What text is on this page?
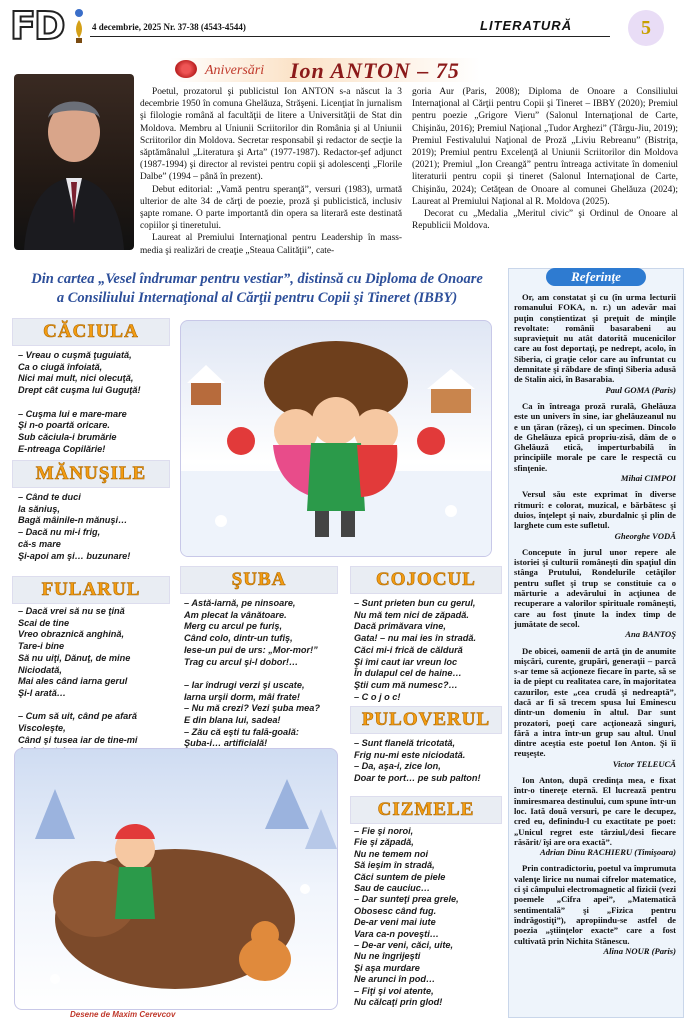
FD	4 decembrie, 2025 Nr. 37-38 (4543-4544)	LITERATURĂ	5
Aniversări Ion ANTON – 75

Poetul, prozatorul şi publicistul Ion ANTON s-a născut la 3 decembrie 1950 în comuna Ghelăuza, Străşeni. Licenţiat în jurnalism şi filologie română al facultăţii de litere a Universităţii de Stat din Moldova. Membru al Uniunii Scriitorilor din România şi al Uniunii Scriitorilor din Moldova. Secretar responsabil şi redactor de secţie la săptămânalul „Literatura şi Arta” (1977-1987). Redactor-şef adjunct (1987-1994) şi director al revistei pentru copii şi adolescenţi „Florile Dalbe” (1994 – până în prezent).

Debut editorial: „Vamă pentru speranţă”, versuri (1983), urmată ulterior de alte 34 de cărţi de poezie, proză şi publicistică, inclusiv şapte romane. O parte importantă din opera sa literară este destinată copiilor şi tineretului.

Laureat al Premiului Internaţional pentru Leadership în mass-media şi realizări de creaţie „Steaua Calităţii”, cate-

goria Aur (Paris, 2008); Diploma de Onoare a Consiliului Internaţional al Cărţii pentru Copii şi Tineret – IBBY (2020); Premiul pentru poezie „Grigore Vieru” (Salonul Internaţional de Carte, Chişinău, 2016); Premiul Naţional „Tudor Arghezi” (Târgu-Jiu, 2019); Premiul Festivalului Naţional de Proză „Liviu Rebreanu” (Bistriţa, 2019); Premiul pentru Excelenţă al Uniunii Scriitorilor din Moldova (2021); Premiul „Ion Creangă” pentru întreaga activitate în domeniul literaturii pentru copii şi tineret (Salonul Internaţional de Carte, Chişinău, 2024); Cetăţean de Onoare al comunei Ghelăuza (2024); Laureat al Premiului Naţional al R. Moldova (2025).

Decorat cu „Medalia „Meritul civic” şi Ordinul de Onoare al Republicii Moldova.

Din cartea „Vesel îndrumar pentru vestiar”, distinsă cu Diploma de Onoare
a Consiliului Internaţional al Cărţii pentru Copii şi Tineret (IBBY)
CĂCIULA
– Vreau o cuşmă ţuguiată,
Ca o ciugă înfoiată,
Nici mai mult, nici olecuţă,
Drept cât cuşma lui Guguţă!

– Cuşma lui e mare-mare
Şi n-o poartă oricare.
Sub căciula-i brumărie
E-ntreaga Copilărie!
MĂNUŞILE
– Când te duci
la săniuş,
Bagă mâinile-n mănuşi…
– Dacă nu mi-i frig,
că-s mare
Şi-apoi am şi… buzunare!
FULARUL
– Dacă vrei să nu se ţină
Scai de tine
Vreo obraznică anghină,
Tare-i bine
Să nu uiţi, Dănuţ, de mine
Niciodată,
Mai ales când iarna gerul
Şi-l arată…

– Cum să uit, când pe afară
Viscoleşte,
Când şi tusea iar de tine-mi

ŞUBA
– Astă-iarnă, pe ninsoare,
Am plecat la vânătoare.
Merg cu arcul pe furiş,
Când colo, dintr-un tufiş,
Iese-un pui de urs: „Mor-mor!”
Trag cu arcul şi-l dobor!…

– Iar îndrugi verzi şi uscate,
Iarna urşii dorm, mâi frate!
– Nu mă crezi? Vezi şuba mea?
E din blana lui, sadea!
– Zău că eşti tu falā-goală:
Şuba-i… artificială!
COJOCUL
– Sunt prieten bun cu gerul,
Nu mă tem nici de zăpadă.
Dacă primăvara vine,
Gata! – nu mai ies în stradă.
Căci mi-i frică de căldură
Şi îmi caut iar vreun loc
În dulapul cel de haine…
Ştii cum mă numesc?…
– C o j o c!
PULOVERUL
– Sunt flanelă tricotată,
Frig nu-mi este niciodată.
– Da, aşa-i, zice lon,
Doar te port… pe sub palton!
CIZMELE
– Fie şi noroi,
Fie şi zăpadă,
Nu ne temem noi
Să ieşim în stradă,
Căci suntem de piele
Sau de cauciuc…
– Dar sunteţi prea grele,
Obosesc când fug.
De-ar veni mai iute
Vara ca-n poveşti…
– De-ar veni, căci, uite,
Nu ne îngrijeşti
Şi aşa murdare
Ne arunci în pod…
– Fiţi şi voi atente,
Nu călcaţi prin glod!
Desene de Maxim Cerevcov
Referinţe

Or, am constatat şi cu (în urma lecturii romanului FOKA, n. r.) un adevăr mai puţin conştientizat şi preţuit de minţile revoltate: românii basarabeni au supravieţuit nu atât datorită mucenicilor care au fost deportaţi, pe nedrept, acolo, în Siberia, ci graţie celor care au înfruntat cu demnitate şi răbdare de sfinţi Siberia adusă de Stalin aici, în Basarabia.

Paul GOMA (Paris)

Ca în întreaga proză rurală, Ghelăuza este un univers în sine, iar ghelăuzeanul nu e un ţăran (răzeş), ci un specimen. Dincolo de Ghelăuza epică propriu-zisă, dăm de o Ghelăuză etică, imperturbabilă în principiile morale pe care le respectă cu sfinţenie.

Mihai CIMPOI

Versul său este exprimat în diverse ritmuri: e colorat, muzical, e bărbătesc şi duios, înţelept şi naiv, zburdalnic şi plin de larghete cum este sufletul.

Gheorghe VODĂ

Concepute în jurul unor repere ale istoriei şi culturii româneşti din spaţiul din stânga Prutului, Rondelurile cetăţilor pentru suflet şi trup se constituie ca o mărturie a adevărului în acţiunea de recuperare a valorilor spirituale româneşti, care au fost ţinute la index timp de jumătate de secol.

Ana BANTOŞ

De obicei, oamenii de artă ţin de anumite mişcări, curente, grupări, generaţii – parcă s-ar teme să acţioneze fiecare în parte, să se ia de piept cu realitatea care, în majoritatea cazurilor, este „cea crudă şi nedreaptă”, dacă ar fi să trecem spusa lui Eminescu dintr-un domeniu în altul. Dar sunt prozatori, poeţi care acţionează singuri, fără a intra într-un grup sau altul. Unul dintre aceştia este poetul Ion Anton. Şi îi reuşeşte.

Victor TELEUCĂ

Ion Anton, după credinţa mea, e fixat într-o tinereţe eternă. El lucrează pentru înmiresmarea destinului, cum spune într-un loc. Iată două versuri, pe care le decupez, cred eu, definindu-l cu exactitate pe poet: „Unicul regret este târziul,/desi fiecare răsărit/ îşi are ora exactă”.

Adrian Dinu RACHIERU (Timişoara)

Prin contradictoriu, poetul va împrumuta valenţe lirice nu numai cifrelor matematice, ci şi câmpului electromagnetic al fizicii (vezi poemele „Cifra apei”, „Matematică sentimentală” şi „Fizica pentru îndrăgostiţi”), apropiindu-se astfel de poezia „ştiinţelor exacte” care a fost cultivată prin Nichita Stănescu.

Alina NOUR (Paris)
